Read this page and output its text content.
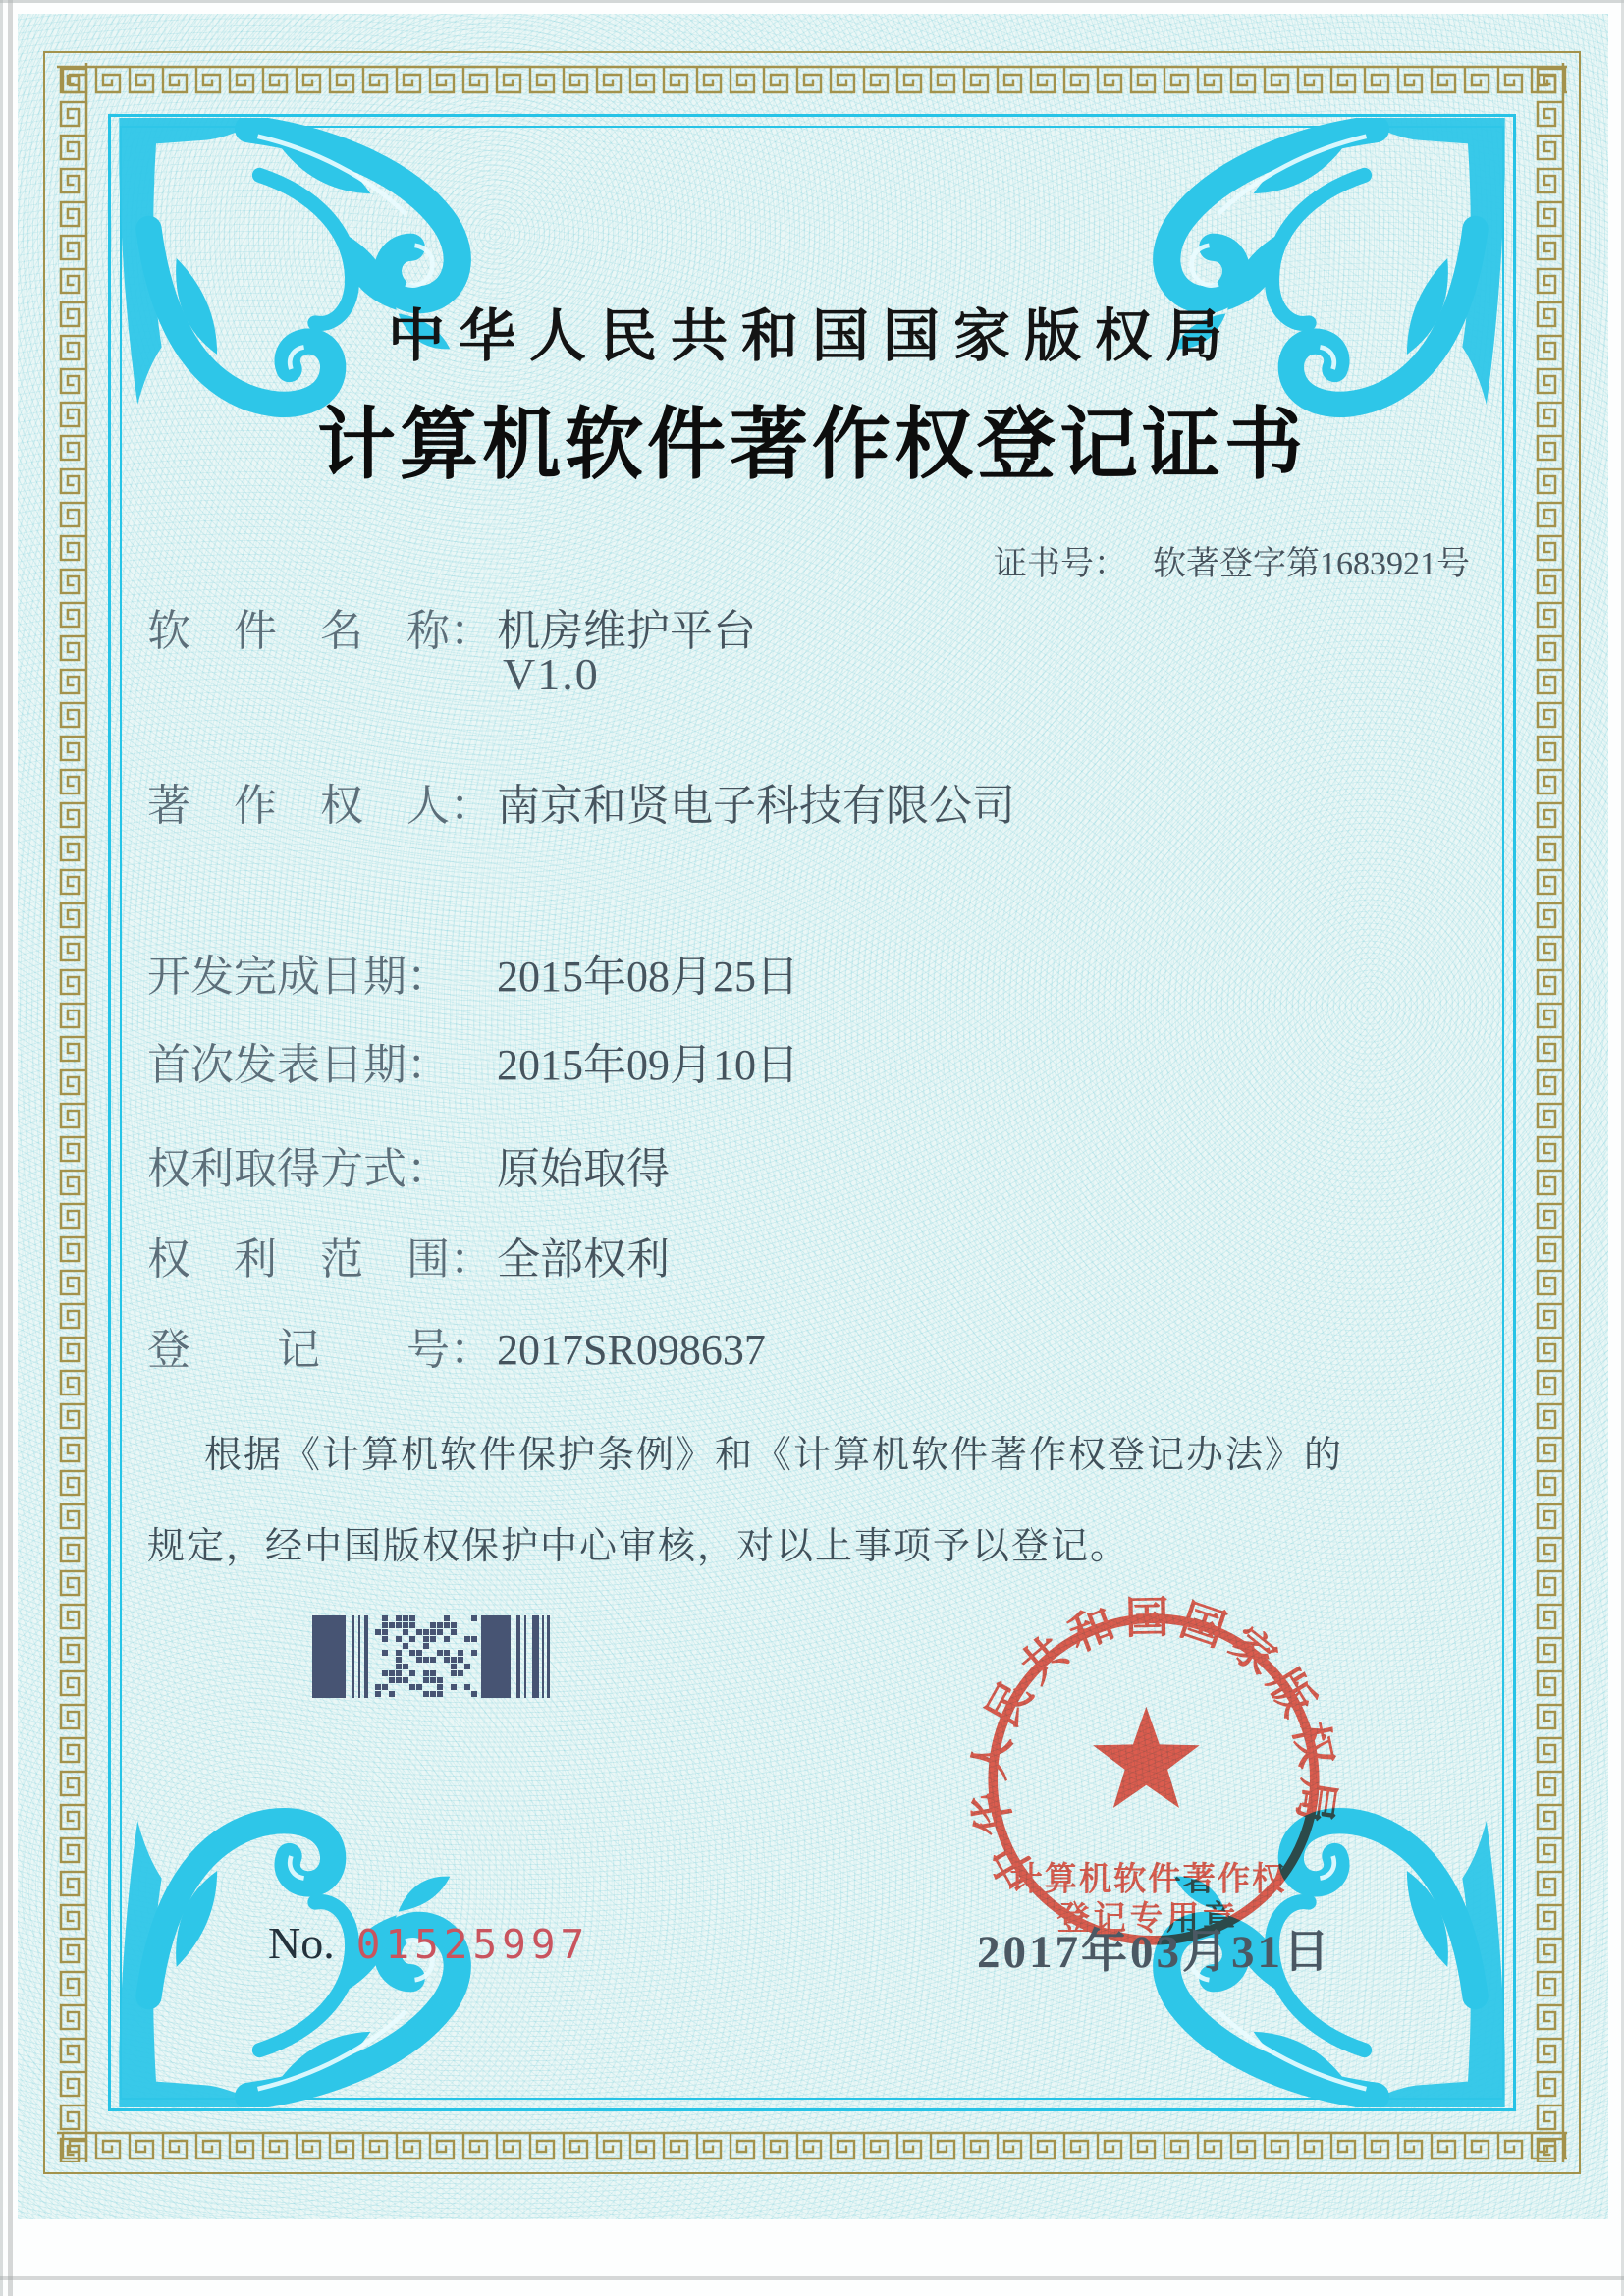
中华人民共和国国家版权局
计算机软件著作权登记证书
证书号： 软著登字第1683921号
软　件　名　称：机房维护平台
V1.0
著　作　权　人：南京和贤电子科技有限公司
开发完成日期： 2015年08月25日
首次发表日期： 2015年09月10日
权利取得方式： 原始取得
权　利　范　围：全部权利
登　　记　　号：2017SR098637
根据《计算机软件保护条例》和《计算机软件著作权登记办法》的
规定，经中国版权保护中心审核，对以上事项予以登记。
中华人民共和国国家版权局
计算机软件著作权
登记专用章
No. 01525997	2017年03月31日
